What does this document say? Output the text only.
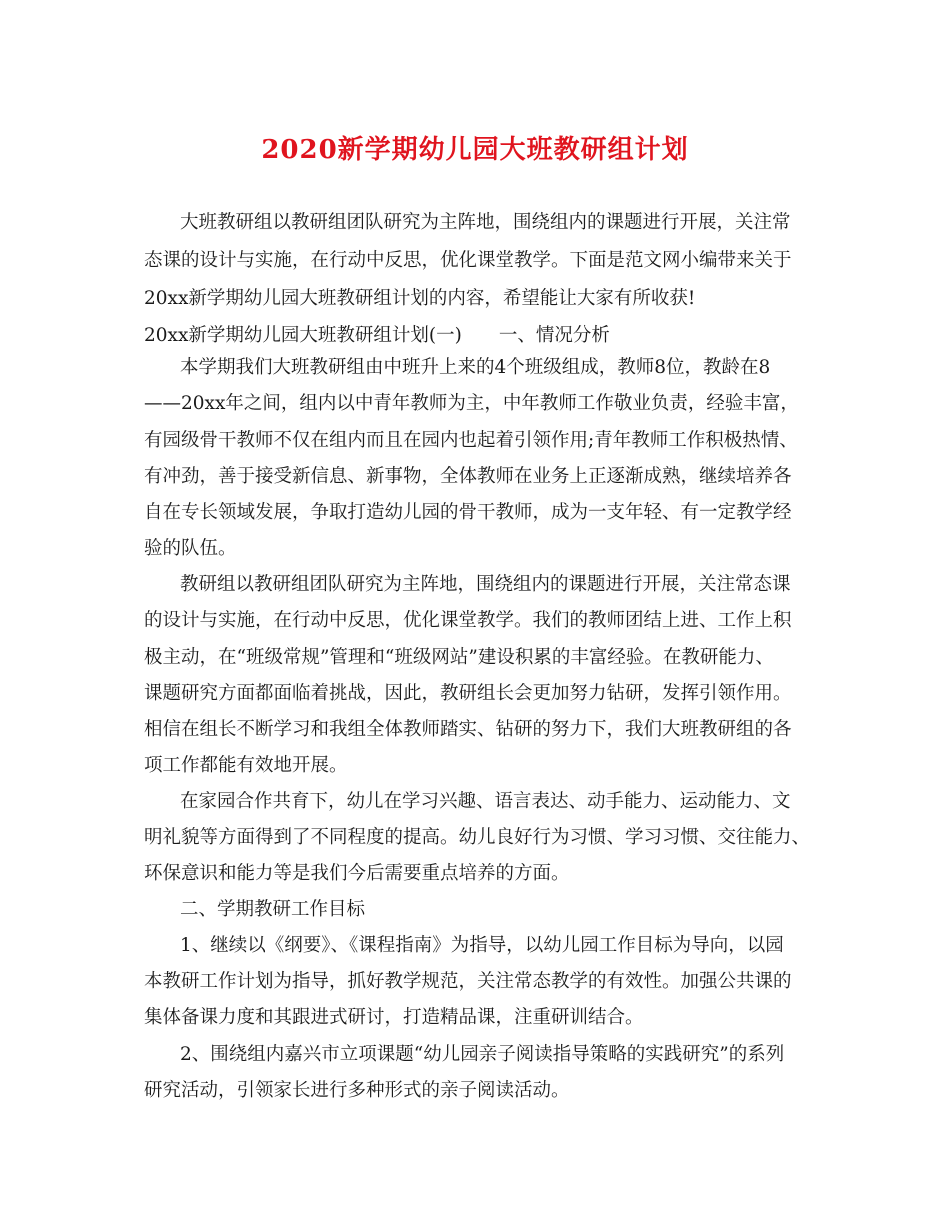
2020新学期幼儿园大班教研组计划
大班教研组以教研组团队研究为主阵地，围绕组内的课题进行开展，关注常
态课的设计与实施，在行动中反思，优化课堂教学。下面是范文网小编带来关于
20xx新学期幼儿园大班教研组计划的内容，希望能让大家有所收获!
20xx新学期幼儿园大班教研组计划(一)　　一、情况分析
本学期我们大班教研组由中班升上来的4个班级组成，教师8位，教龄在8
——20xx年之间，组内以中青年教师为主，中年教师工作敬业负责，经验丰富，
有园级骨干教师不仅在组内而且在园内也起着引领作用;青年教师工作积极热情、
有冲劲，善于接受新信息、新事物，全体教师在业务上正逐渐成熟，继续培养各
自在专长领域发展，争取打造幼儿园的骨干教师，成为一支年轻、有一定教学经
验的队伍。
教研组以教研组团队研究为主阵地，围绕组内的课题进行开展，关注常态课
的设计与实施，在行动中反思，优化课堂教学。我们的教师团结上进、工作上积
极主动，在“班级常规”管理和“班级网站”建设积累的丰富经验。在教研能力、
课题研究方面都面临着挑战，因此，教研组长会更加努力钻研，发挥引领作用。
相信在组长不断学习和我组全体教师踏实、钻研的努力下，我们大班教研组的各
项工作都能有效地开展。
在家园合作共育下，幼儿在学习兴趣、语言表达、动手能力、运动能力、文
明礼貌等方面得到了不同程度的提高。幼儿良好行为习惯、学习习惯、交往能力、
环保意识和能力等是我们今后需要重点培养的方面。
二、学期教研工作目标
1、继续以《纲要》、《课程指南》为指导，以幼儿园工作目标为导向，以园
本教研工作计划为指导，抓好教学规范，关注常态教学的有效性。加强公共课的
集体备课力度和其跟进式研讨，打造精品课，注重研训结合。
2、围绕组内嘉兴市立项课题“幼儿园亲子阅读指导策略的实践研究”的系列
研究活动，引领家长进行多种形式的亲子阅读活动。
